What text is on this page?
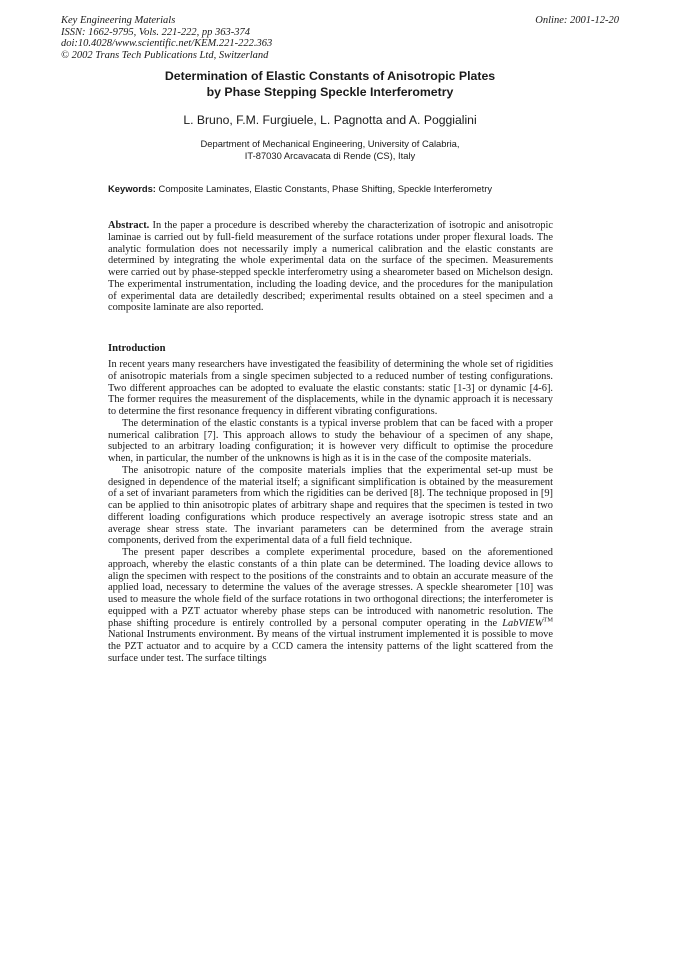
Key Engineering Materials
ISSN: 1662-9795, Vols. 221-222, pp 363-374
doi:10.4028/www.scientific.net/KEM.221-222.363
© 2002 Trans Tech Publications Ltd, Switzerland
Online: 2001-12-20
Determination of Elastic Constants of Anisotropic Plates
by Phase Stepping Speckle Interferometry
L. Bruno, F.M. Furgiuele, L. Pagnotta and A. Poggialini
Department of Mechanical Engineering, University of Calabria,
IT-87030 Arcavacata di Rende (CS), Italy
Keywords: Composite Laminates, Elastic Constants, Phase Shifting, Speckle Interferometry
Abstract. In the paper a procedure is described whereby the characterization of isotropic and anisotropic laminae is carried out by full-field measurement of the surface rotations under proper flexural loads. The analytic formulation does not necessarily imply a numerical calibration and the elastic constants are determined by integrating the whole experimental data on the surface of the specimen. Measurements were carried out by phase-stepped speckle interferometry using a shearometer based on Michelson design. The experimental instrumentation, including the loading device, and the procedures for the manipulation of experimental data are detailedly described; experimental results obtained on a steel specimen and a composite laminate are also reported.
Introduction

In recent years many researchers have investigated the feasibility of determining the whole set of rigidities of anisotropic materials from a single specimen subjected to a reduced number of testing configurations. Two different approaches can be adopted to evaluate the elastic constants: static [1-3] or dynamic [4-6]. The former requires the measurement of the displacements, while in the dynamic approach it is necessary to determine the first resonance frequency in different vibrating configurations.

The determination of the elastic constants is a typical inverse problem that can be faced with a proper numerical calibration [7]. This approach allows to study the behaviour of a specimen of any shape, subjected to an arbitrary loading configuration; it is however very difficult to optimise the procedure when, in particular, the number of the unknowns is high as it is in the case of the composite materials.

The anisotropic nature of the composite materials implies that the experimental set-up must be designed in dependence of the material itself; a significant simplification is obtained by the measurement of a set of invariant parameters from which the rigidities can be derived [8]. The technique proposed in [9] can be applied to thin anisotropic plates of arbitrary shape and requires that the specimen is tested in two different loading configurations which produce respectively an average isotropic stress state and an average shear stress state. The invariant parameters can be determined from the average strain components, derived from the experimental data of a full field technique.

The present paper describes a complete experimental procedure, based on the aforementioned approach, whereby the elastic constants of a thin plate can be determined. The loading device allows to align the specimen with respect to the positions of the constraints and to obtain an accurate measure of the applied load, necessary to determine the values of the average stresses. A speckle shearometer [10] was used to measure the whole field of the surface rotations in two orthogonal directions; the interferometer is equipped with a PZT actuator whereby phase steps can be introduced with nanometric resolution. The phase shifting procedure is entirely controlled by a personal computer operating in the LabVIEW™ National Instruments environment. By means of the virtual instrument implemented it is possible to move the PZT actuator and to acquire by a CCD camera the intensity patterns of the light scattered from the surface under test. The surface tiltings
